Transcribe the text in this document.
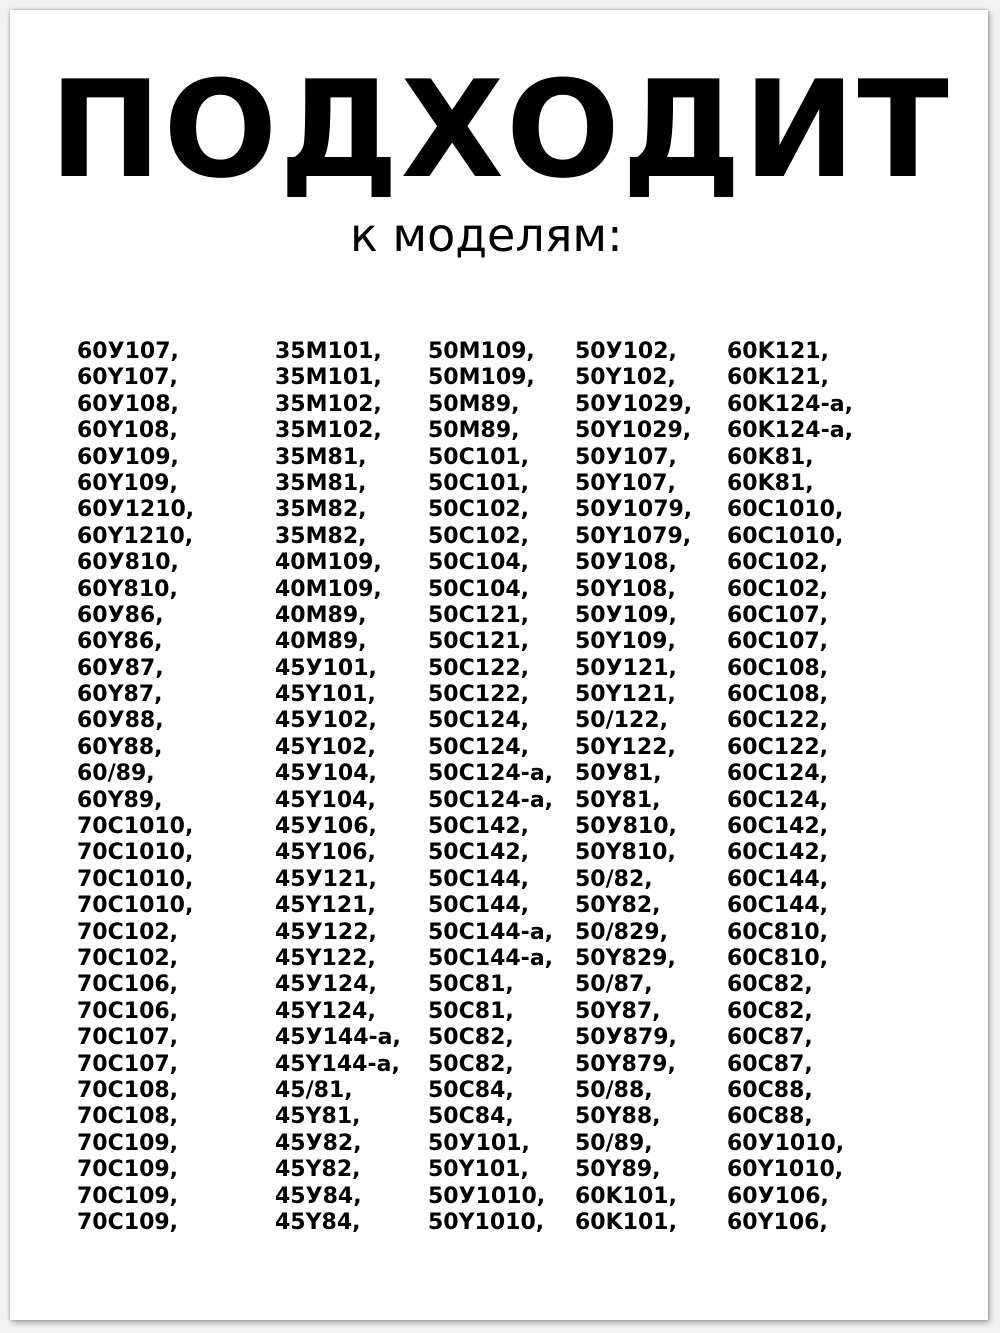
ПОДХОДИТ

к моделям:

60У107,
60Y107,
60У108,
60Y108,
60У109,
60Y109,
60У1210,
60Y1210,
60У810,
60Y810,
60У86,
60Y86,
60У87,
60Y87,
60У88,
60Y88,
60/89,
60Y89,
70C1010,
70C1010,
70C1010,
70C1010,
70C102,
70C102,
70C106,
70C106,
70C107,
70C107,
70C108,
70C108,
70C109,
70C109,
70C109,
70C109,
35M101,
35M101,
35M102,
35M102,
35M81,
35M81,
35M82,
35M82,
40M109,
40M109,
40M89,
40M89,
45У101,
45Y101,
45У102,
45Y102,
45У104,
45Y104,
45У106,
45Y106,
45У121,
45Y121,
45У122,
45Y122,
45У124,
45Y124,
45У144-a,
45Y144-a,
45/81,
45Y81,
45У82,
45Y82,
45У84,
45Y84,
50M109,
50M109,
50M89,
50M89,
50C101,
50C101,
50C102,
50C102,
50C104,
50C104,
50C121,
50C121,
50C122,
50C122,
50C124,
50C124,
50C124-a,
50C124-a,
50C142,
50C142,
50C144,
50C144,
50C144-a,
50C144-a,
50C81,
50C81,
50C82,
50C82,
50C84,
50C84,
50У101,
50Y101,
50У1010,
50Y1010,
50У102,
50Y102,
50У1029,
50Y1029,
50У107,
50Y107,
50У1079,
50Y1079,
50У108,
50Y108,
50У109,
50Y109,
50У121,
50Y121,
50/122,
50Y122,
50У81,
50Y81,
50У810,
50Y810,
50/82,
50Y82,
50/829,
50Y829,
50/87,
50Y87,
50У879,
50Y879,
50/88,
50Y88,
50/89,
50Y89,
60K101,
60K101,
60K121,
60K121,
60K124-a,
60K124-a,
60K81,
60K81,
60C1010,
60C1010,
60C102,
60C102,
60C107,
60C107,
60C108,
60C108,
60C122,
60C122,
60C124,
60C124,
60C142,
60C142,
60C144,
60C144,
60C810,
60C810,
60C82,
60C82,
60C87,
60C87,
60C88,
60C88,
60У1010,
60Y1010,
60У106,
60Y106,
